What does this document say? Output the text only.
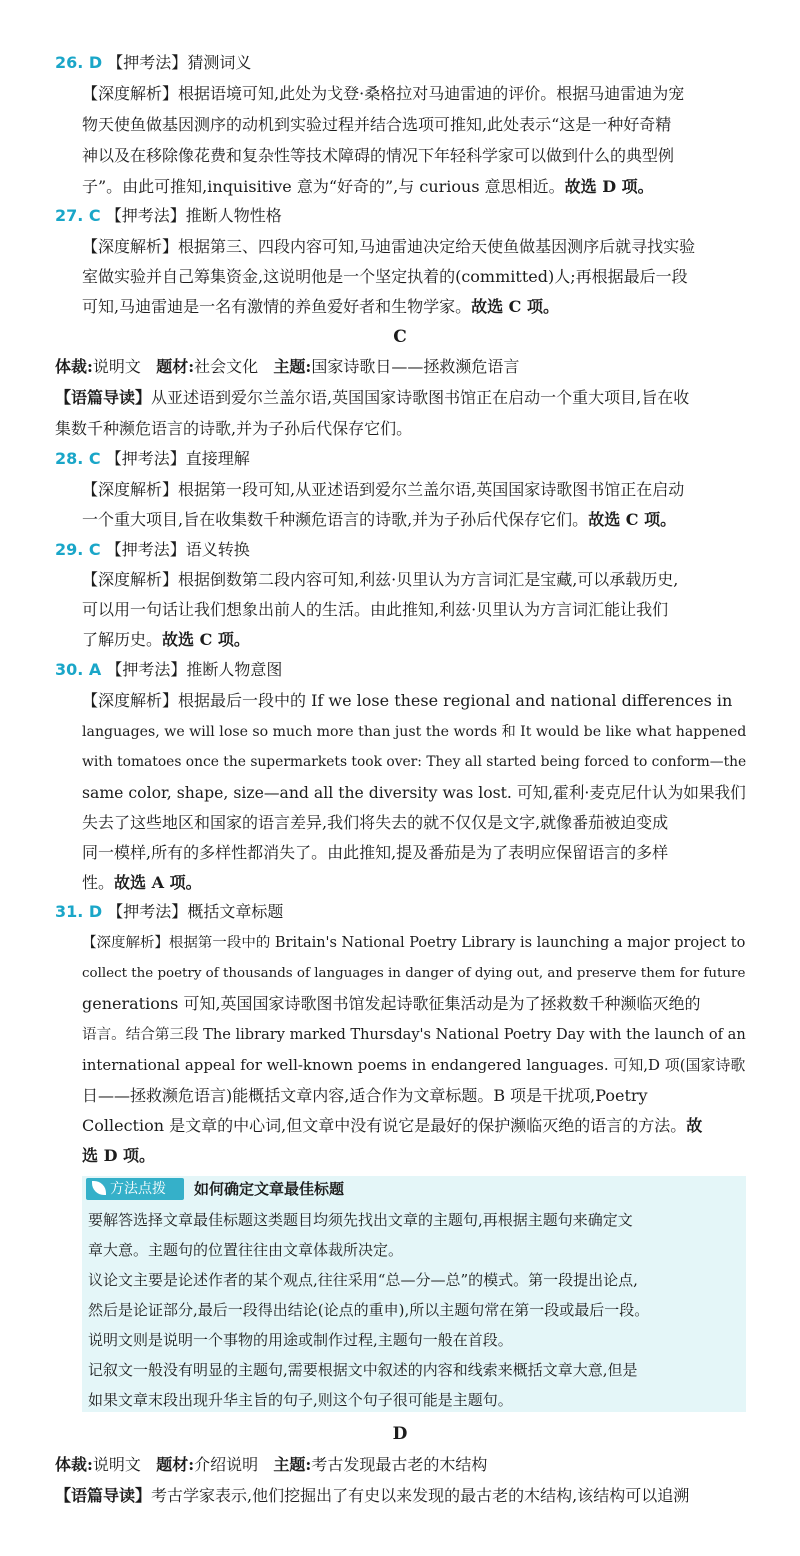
26. D 【押考法】猜测词义
【深度解析】根据语境可知,此处为戈登·桑格拉对马迪雷迪的评价。根据马迪雷迪为宠
物天使鱼做基因测序的动机到实验过程并结合选项可推知,此处表示“这是一种好奇精
神以及在移除像花费和复杂性等技术障碍的情况下年轻科学家可以做到什么的典型例
子”。由此可推知,inquisitive 意为“好奇的”,与 curious 意思相近。故选 D 项。
27. C 【押考法】推断人物性格
【深度解析】根据第三、四段内容可知,马迪雷迪决定给天使鱼做基因测序后就寻找实验
室做实验并自己筹集资金,这说明他是一个坚定执着的(committed)人;再根据最后一段
可知,马迪雷迪是一名有激情的养鱼爱好者和生物学家。故选 C 项。
C
体裁:说明文 题材:社会文化 主题:国家诗歌日——拯救濒危语言
【语篇导读】从亚述语到爱尔兰盖尔语,英国国家诗歌图书馆正在启动一个重大项目,旨在收
集数千种濒危语言的诗歌,并为子孙后代保存它们。
28. C 【押考法】直接理解
【深度解析】根据第一段可知,从亚述语到爱尔兰盖尔语,英国国家诗歌图书馆正在启动
一个重大项目,旨在收集数千种濒危语言的诗歌,并为子孙后代保存它们。故选 C 项。
29. C 【押考法】语义转换
【深度解析】根据倒数第二段内容可知,利兹·贝里认为方言词汇是宝藏,可以承载历史,
可以用一句话让我们想象出前人的生活。由此推知,利兹·贝里认为方言词汇能让我们
了解历史。故选 C 项。
30. A 【押考法】推断人物意图
【深度解析】根据最后一段中的 If we lose these regional and national differences in
languages, we will lose so much more than just the words 和 It would be like what happened
with tomatoes once the supermarkets took over: They all started being forced to conform—the
same color, shape, size—and all the diversity was lost. 可知,霍利·麦克尼什认为如果我们
失去了这些地区和国家的语言差异,我们将失去的就不仅仅是文字,就像番茄被迫变成
同一模样,所有的多样性都消失了。由此推知,提及番茄是为了表明应保留语言的多样
性。故选 A 项。
31. D 【押考法】概括文章标题
【深度解析】根据第一段中的 Britain's National Poetry Library is launching a major project to
collect the poetry of thousands of languages in danger of dying out, and preserve them for future
generations 可知,英国国家诗歌图书馆发起诗歌征集活动是为了拯救数千种濒临灭绝的
语言。结合第三段 The library marked Thursday's National Poetry Day with the launch of an
international appeal for well-known poems in endangered languages. 可知,D 项(国家诗歌
日——拯救濒危语言)能概括文章内容,适合作为文章标题。B 项是干扰项,Poetry
Collection 是文章的中心词,但文章中没有说它是最好的保护濒临灭绝的语言的方法。故
选 D 项。
方法点拨	如何确定文章最佳标题
要解答选择文章最佳标题这类题目均须先找出文章的主题句,再根据主题句来确定文
章大意。主题句的位置往往由文章体裁所决定。
议论文主要是论述作者的某个观点,往往采用“总—分—总”的模式。第一段提出论点,
然后是论证部分,最后一段得出结论(论点的重申),所以主题句常在第一段或最后一段。
说明文则是说明一个事物的用途或制作过程,主题句一般在首段。
记叙文一般没有明显的主题句,需要根据文中叙述的内容和线索来概括文章大意,但是
如果文章末段出现升华主旨的句子,则这个句子很可能是主题句。
D
体裁:说明文 题材:介绍说明 主题:考古发现最古老的木结构
【语篇导读】考古学家表示,他们挖掘出了有史以来发现的最古老的木结构,该结构可以追溯
